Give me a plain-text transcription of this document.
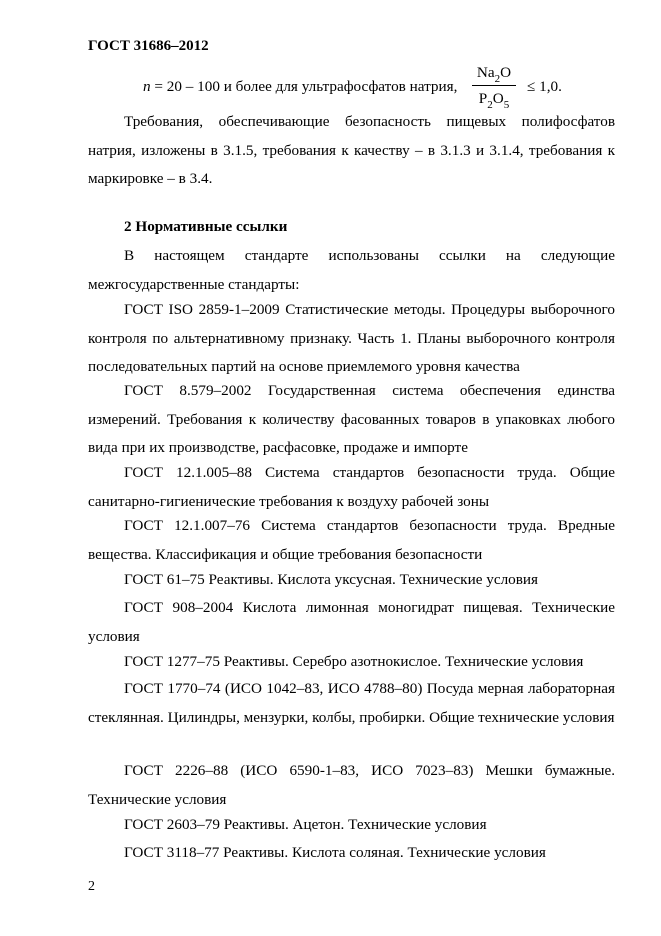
ГОСТ 31686–2012

n = 20 – 100 и более для ультрафосфатов натрия,
$Na_2O$
$P_2O_5$
≤ 1,0.

Требования, обеспечивающие безопасность пищевых полифосфатов натрия, изложены в 3.1.5, требования к качеству – в 3.1.3 и 3.1.4, требования к маркировке – в 3.4.

2 Нормативные ссылки

В настоящем стандарте использованы ссылки на следующие межгосударственные стандарты:

ГОСТ ISO 2859-1–2009 Статистические методы. Процедуры выборочного контроля по альтернативному признаку. Часть 1. Планы выборочного контроля последовательных партий на основе приемлемого уровня качества

ГОСТ 8.579–2002 Государственная система обеспечения единства измерений. Требования к количеству фасованных товаров в упаковках любого вида при их производстве, расфасовке, продаже и импорте

ГОСТ 12.1.005–88 Система стандартов безопасности труда. Общие санитарно-гигиенические требования к воздуху рабочей зоны

ГОСТ 12.1.007–76 Система стандартов безопасности труда. Вредные вещества. Классификация и общие требования безопасности

ГОСТ 61–75 Реактивы. Кислота уксусная. Технические условия

ГОСТ 908–2004 Кислота лимонная моногидрат пищевая. Технические условия

ГОСТ 1277–75 Реактивы. Серебро азотнокислое. Технические условия

ГОСТ 1770–74 (ИСО 1042–83, ИСО 4788–80) Посуда мерная лабораторная стеклянная. Цилиндры, мензурки, колбы, пробирки. Общие технические условия

ГОСТ 2226–88 (ИСО 6590-1–83, ИСО 7023–83) Мешки бумажные. Технические условия

ГОСТ 2603–79 Реактивы. Ацетон. Технические условия

ГОСТ 3118–77 Реактивы. Кислота соляная. Технические условия

2
